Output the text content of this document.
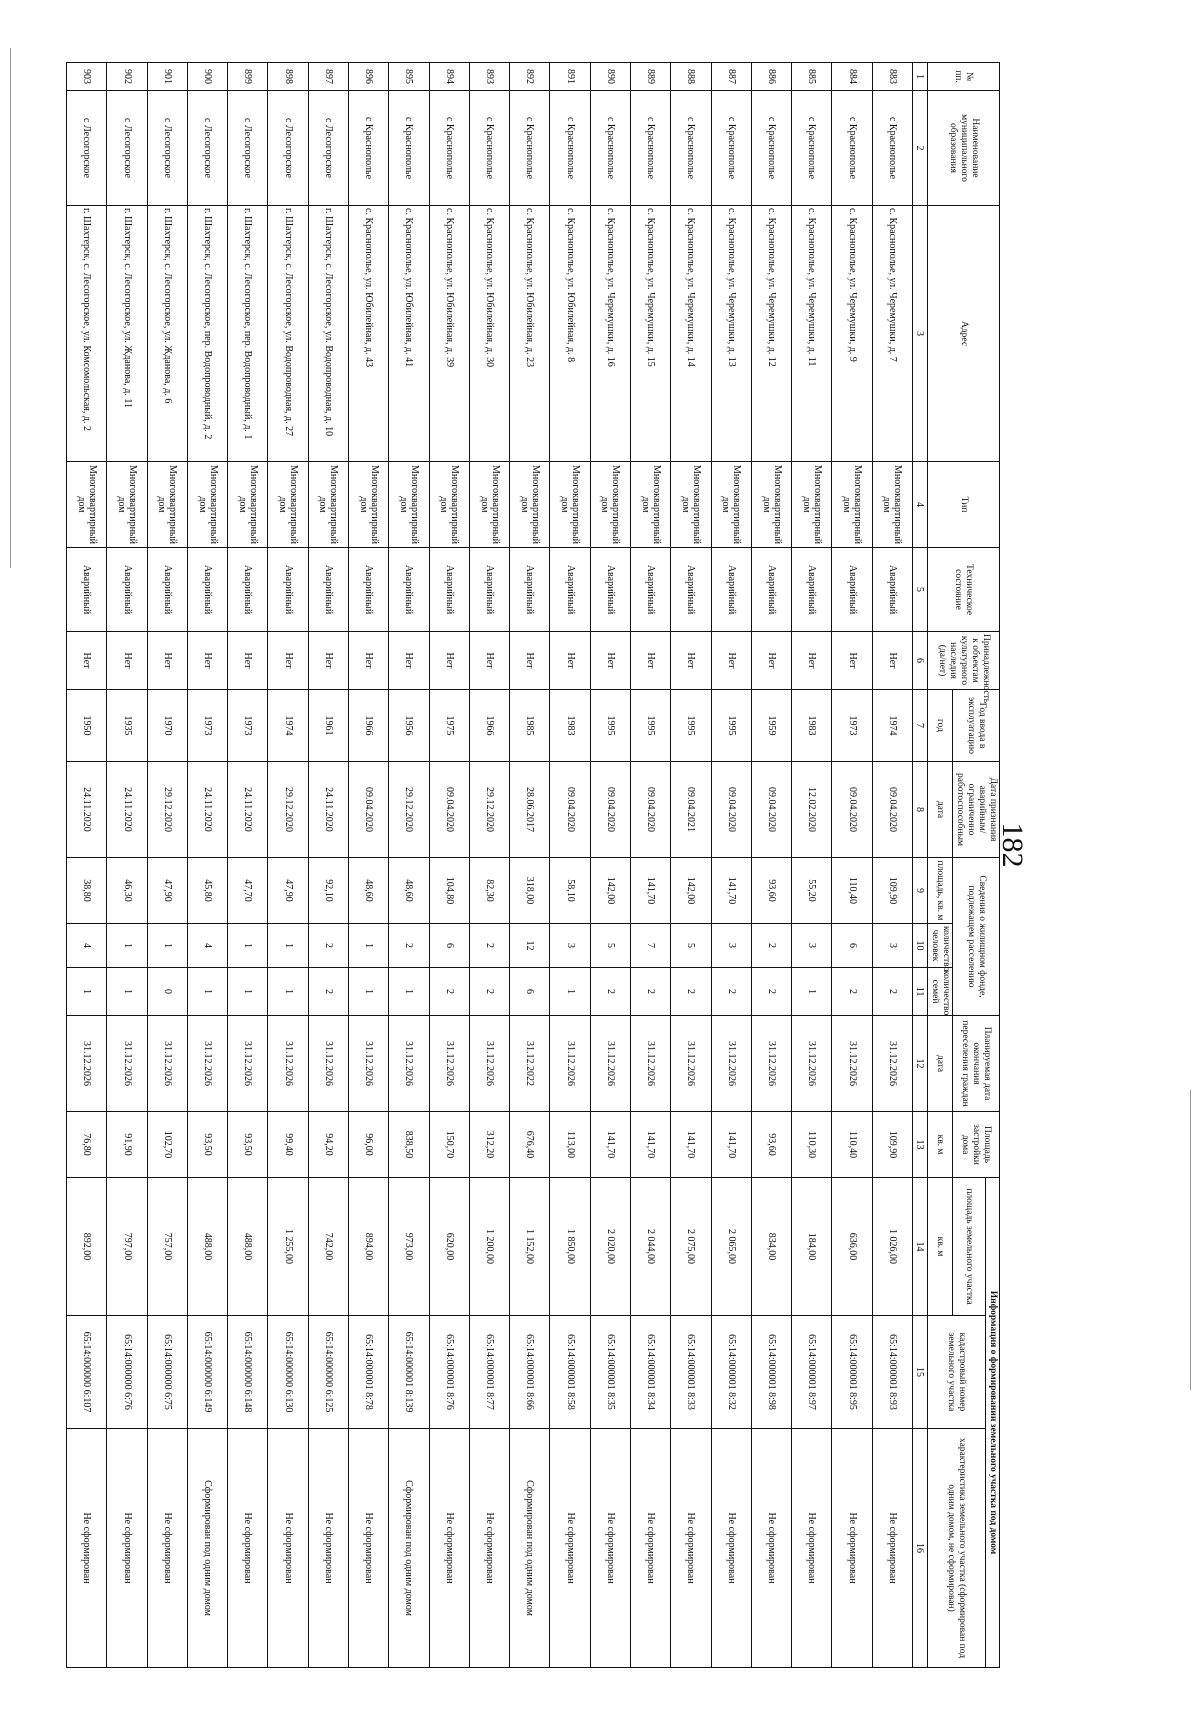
182
№ пп.	Наименование муниципального образования	Адрес	Тип	Техническое состояние	Принадлежность к объектам культурного наследия (да/нет)	Год ввода в эксплуатацию	Дата признания аварийным/ограниченно работоспособным	Сведения о жилищном фонде, подлежащем расселению			Планируемая дата окончания переселения граждан	Площадь застройки дома	Информация о формировании земельного участка под домом		
													площадь земельного участка	кадастровый номер земельного участка	характеристика земельного участка (сформирован под одним домом, не сформирован)
						год	дата	площадь, кв. м	количество человек	количество семей	дата	кв. м	кв. м		
1	2	3	4	5	6	7	8	9	10	11	12	13	14	15	16
883	с Краснополье	с. Краснополье, ул. Черемушки, д. 7	Многоквартирный дом	Аварийный	Нет	1974	09.04.2020	109,90	3	2	31.12.2026	109,90	1 026,00	65:14:000001 8:93	Не сформирован
884	с Краснополье	с. Краснополье, ул. Черемушки, д. 9	Многоквартирный дом	Аварийный	Нет	1973	09.04.2020	110,40	6	2	31.12.2026	110,40	636,00	65:14:000001 8:95	Не сформирован
885	с Краснополье	с. Краснополье, ул. Черемушки, д. 11	Многоквартирный дом	Аварийный	Нет	1983	12.02.2020	55,20	3	1	31.12.2026	110,30	184,00	65:14:000001 8:97	Не сформирован
886	с Краснополье	с. Краснополье, ул. Черемушки, д. 12	Многоквартирный дом	Аварийный	Нет	1959	09.04.2020	93,60	2	2	31.12.2026	93,60	834,00	65:14:000001 8:98	Не сформирован
887	с Краснополье	с. Краснополье, ул. Черемушки, д. 13	Многоквартирный дом	Аварийный	Нет	1995	09.04.2020	141,70	3	2	31.12.2026	141,70	2 065,00	65:14:000001 8:32	Не сформирован
888	с Краснополье	с. Краснополье, ул. Черемушки, д. 14	Многоквартирный дом	Аварийный	Нет	1995	09.04.2021	142,00	5	2	31.12.2026	141,70	2 075,00	65:14:000001 8:33	Не сформирован
889	с Краснополье	с. Краснополье, ул. Черемушки, д. 15	Многоквартирный дом	Аварийный	Нет	1995	09.04.2020	141,70	7	2	31.12.2026	141,70	2 044,00	65:14:000001 8:34	Не сформирован
890	с Краснополье	с. Краснополье, ул. Черемушки, д. 16	Многоквартирный дом	Аварийный	Нет	1995	09.04.2020	142,00	5	2	31.12.2026	141,70	2 020,00	65:14:000001 8:35	Не сформирован
891	с Краснополье	с. Краснополье, ул. Юбилейная, д. 8	Многоквартирный дом	Аварийный	Нет	1983	09.04.2020	58,10	3	1	31.12.2026	113,00	1 850,00	65:14:000001 8:58	Не сформирован
892	с Краснополье	с. Краснополье, ул. Юбилейная, д. 23	Многоквартирный дом	Аварийный	Нет	1985	28.06.2017	318,00	12	6	31.12.2022	676,40	1 152,00	65:14:000001 8:66	Сформирован под одним домом
893	с Краснополье	с. Краснополье, ул. Юбилейная, д. 30	Многоквартирный дом	Аварийный	Нет	1966	29.12.2020	82,30	2	2	31.12.2026	312,20	1 200,00	65:14:000001 8:77	Не сформирован
894	с Краснополье	с. Краснополье, ул. Юбилейная, д. 39	Многоквартирный дом	Аварийный	Нет	1975	09.04.2020	104,80	6	2	31.12.2026	150,70	620,00	65:14:000001 8:76	Не сформирован
895	с Краснополье	с. Краснополье, ул. Юбилейная, д. 41	Многоквартирный дом	Аварийный	Нет	1956	29.12.2020	48,60	2	1	31.12.2026	838,50	973,00	65:14:000001 8:139	Сформирован под одним домом
896	с Краснополье	с. Краснополье, ул. Юбилейная, д. 43	Многоквартирный дом	Аварийный	Нет	1966	09.04.2020	48,60	1	1	31.12.2026	96,00	894,00	65:14:000001 8:78	Не сформирован
897	с Лесогорское	г. Шахтерск, с. Лесогорское, ул. Водопроводная, д. 10	Многоквартирный дом	Аварийный	Нет	1961	24.11.2020	92,10	2	2	31.12.2026	94,20	742,00	65:14:000000 6:125	Не сформирован
898	с Лесогорское	г. Шахтерск, с. Лесогорское, ул. Водопроводная, д. 27	Многоквартирный дом	Аварийный	Нет	1974	29.12.2020	47,90	1	1	31.12.2026	99,40	1 255,00	65:14:000000 6:130	Не сформирован
899	с Лесогорское	г. Шахтерск, с. Лесогорское, пер. Водопроводный, д. 1	Многоквартирный дом	Аварийный	Нет	1973	24.11.2020	47,70	1	1	31.12.2026	93,50	488,00	65:14:000000 6:148	Не сформирован
900	с Лесогорское	г. Шахтерск, с. Лесогорское, пер. Водопроводный, д. 2	Многоквартирный дом	Аварийный	Нет	1973	24.11.2020	45,80	4	1	31.12.2026	93,50	488,00	65:14:000000 6:149	Сформирован под одним домом
901	с Лесогорское	г. Шахтерск, с. Лесогорское, ул. Жданова, д. 6	Многоквартирный дом	Аварийный	Нет	1970	29.12.2020	47,90	1	0	31.12.2026	102,70	757,00	65:14:000000 6:75	Не сформирован
902	с Лесогорское	г. Шахтерск, с. Лесогорское, ул. Жданова, д. 11	Многоквартирный дом	Аварийный	Нет	1935	24.11.2020	46,30	1	1	31.12.2026	91,90	797,00	65:14:000000 6:76	Не сформирован
903	с Лесогорское	г. Шахтерск, с. Лесогорское, ул. Комсомольская, д. 2	Многоквартирный дом	Аварийный	Нет	1950	24.11.2020	38,80	4	1	31.12.2026	76,80	892,00	65:14:000000 6:107	Не сформирован
